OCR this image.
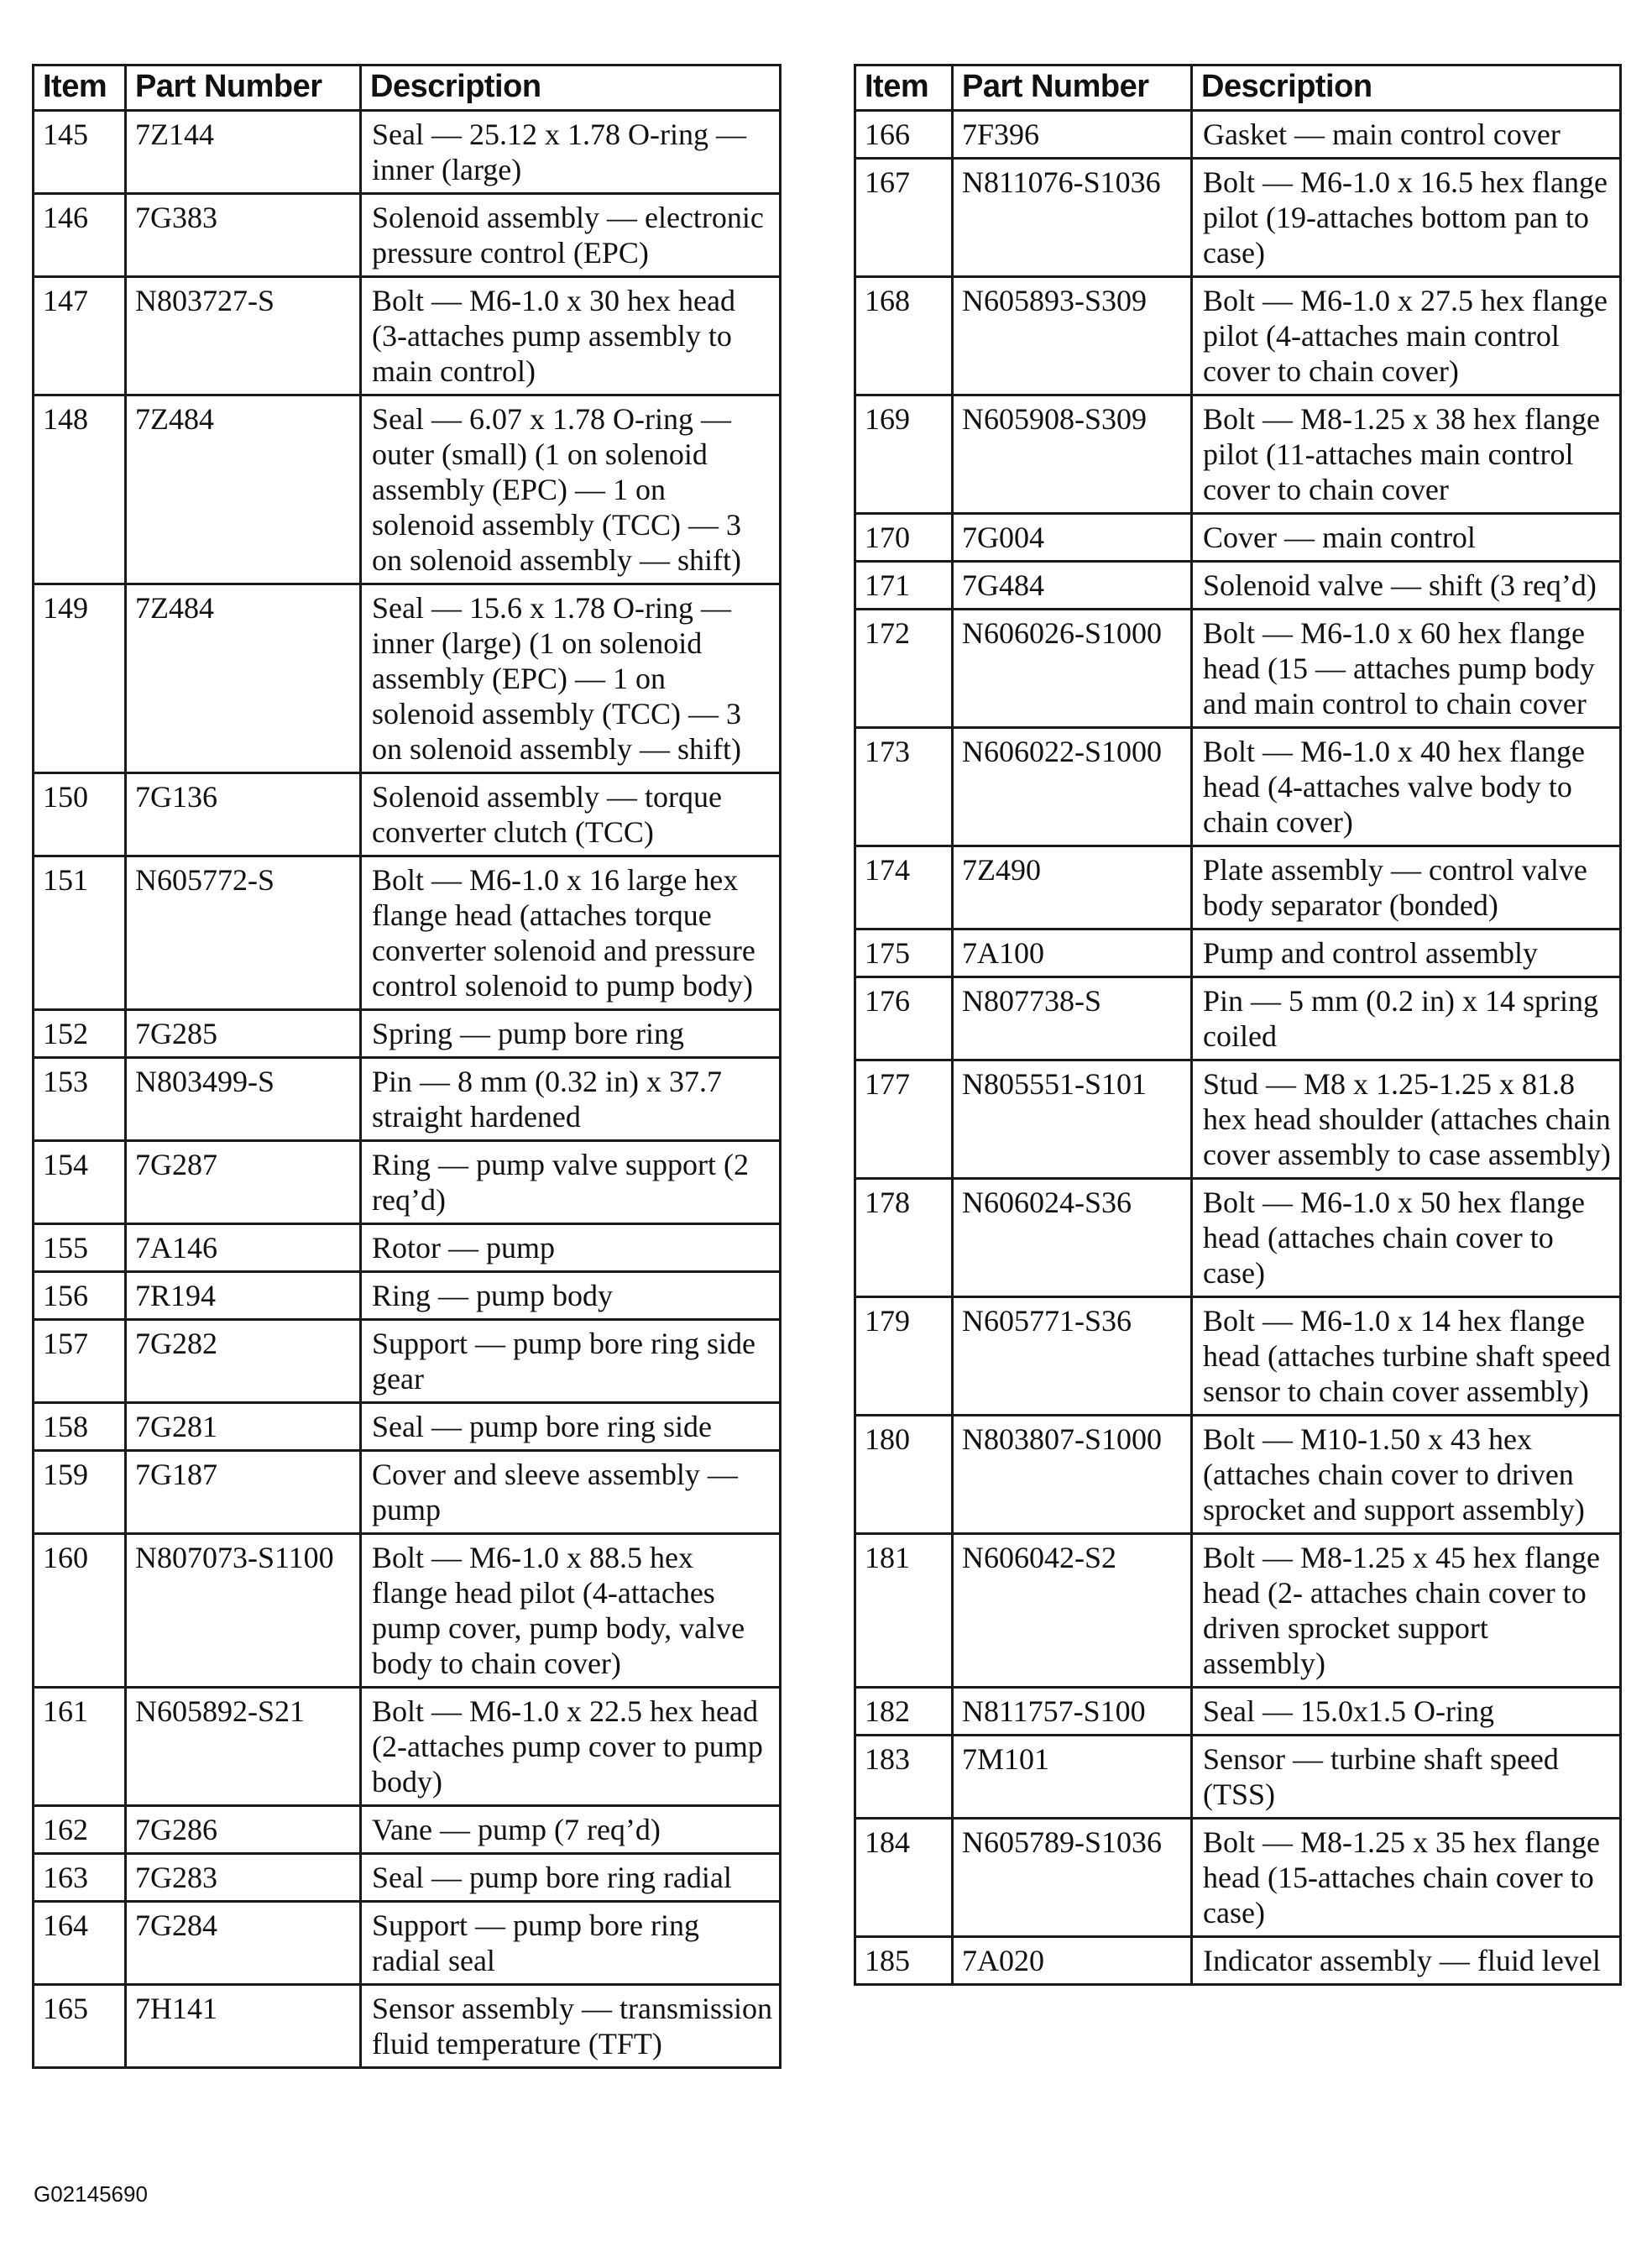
Item	Part Number	Description
145	7Z144	Seal — 25.12 x 1.78 O-ring — inner (large)
146	7G383	Solenoid assembly — electronic pressure control (EPC)
147	N803727-S	Bolt — M6-1.0 x 30 hex head (3-attaches pump assembly to main control)
148	7Z484	Seal — 6.07 x 1.78 O-ring — outer (small) (1 on solenoid assembly (EPC) — 1 on solenoid assembly (TCC) — 3 on solenoid assembly — shift)
149	7Z484	Seal — 15.6 x 1.78 O-ring — inner (large) (1 on solenoid assembly (EPC) — 1 on solenoid assembly (TCC) — 3 on solenoid assembly — shift)
150	7G136	Solenoid assembly — torque converter clutch (TCC)
151	N605772-S	Bolt — M6-1.0 x 16 large hex flange head (attaches torque converter solenoid and pressure control solenoid to pump body)
152	7G285	Spring — pump bore ring
153	N803499-S	Pin — 8 mm (0.32 in) x 37.7 straight hardened
154	7G287	Ring — pump valve support (2 req’d)
155	7A146	Rotor — pump
156	7R194	Ring — pump body
157	7G282	Support — pump bore ring side gear
158	7G281	Seal — pump bore ring side
159	7G187	Cover and sleeve assembly — pump
160	N807073-S1100	Bolt — M6-1.0 x 88.5 hex flange head pilot (4-attaches pump cover, pump body, valve body to chain cover)
161	N605892-S21	Bolt — M6-1.0 x 22.5 hex head (2-attaches pump cover to pump body)
162	7G286	Vane — pump (7 req’d)
163	7G283	Seal — pump bore ring radial
164	7G284	Support — pump bore ring radial seal
165	7H141	Sensor assembly — transmission fluid temperature (TFT)
Item	Part Number	Description
166	7F396	Gasket — main control cover
167	N811076-S1036	Bolt — M6-1.0 x 16.5 hex flange pilot (19-attaches bottom pan to case)
168	N605893-S309	Bolt — M6-1.0 x 27.5 hex flange pilot (4-attaches main control cover to chain cover)
169	N605908-S309	Bolt — M8-1.25 x 38 hex flange pilot (11-attaches main control cover to chain cover
170	7G004	Cover — main control
171	7G484	Solenoid valve — shift (3 req’d)
172	N606026-S1000	Bolt — M6-1.0 x 60 hex flange head (15 — attaches pump body and main control to chain cover
173	N606022-S1000	Bolt — M6-1.0 x 40 hex flange head (4-attaches valve body to chain cover)
174	7Z490	Plate assembly — control valve body separator (bonded)
175	7A100	Pump and control assembly
176	N807738-S	Pin — 5 mm (0.2 in) x 14 spring coiled
177	N805551-S101	Stud — M8 x 1.25-1.25 x 81.8 hex head shoulder (attaches chain cover assembly to case assembly)
178	N606024-S36	Bolt — M6-1.0 x 50 hex flange head (attaches chain cover to case)
179	N605771-S36	Bolt — M6-1.0 x 14 hex flange head (attaches turbine shaft speed sensor to chain cover assembly)
180	N803807-S1000	Bolt — M10-1.50 x 43 hex (attaches chain cover to driven sprocket and support assembly)
181	N606042-S2	Bolt — M8-1.25 x 45 hex flange head (2- attaches chain cover to driven sprocket support assembly)
182	N811757-S100	Seal — 15.0x1.5 O-ring
183	7M101	Sensor — turbine shaft speed (TSS)
184	N605789-S1036	Bolt — M8-1.25 x 35 hex flange head (15-attaches chain cover to case)
185	7A020	Indicator assembly — fluid level
G02145690
